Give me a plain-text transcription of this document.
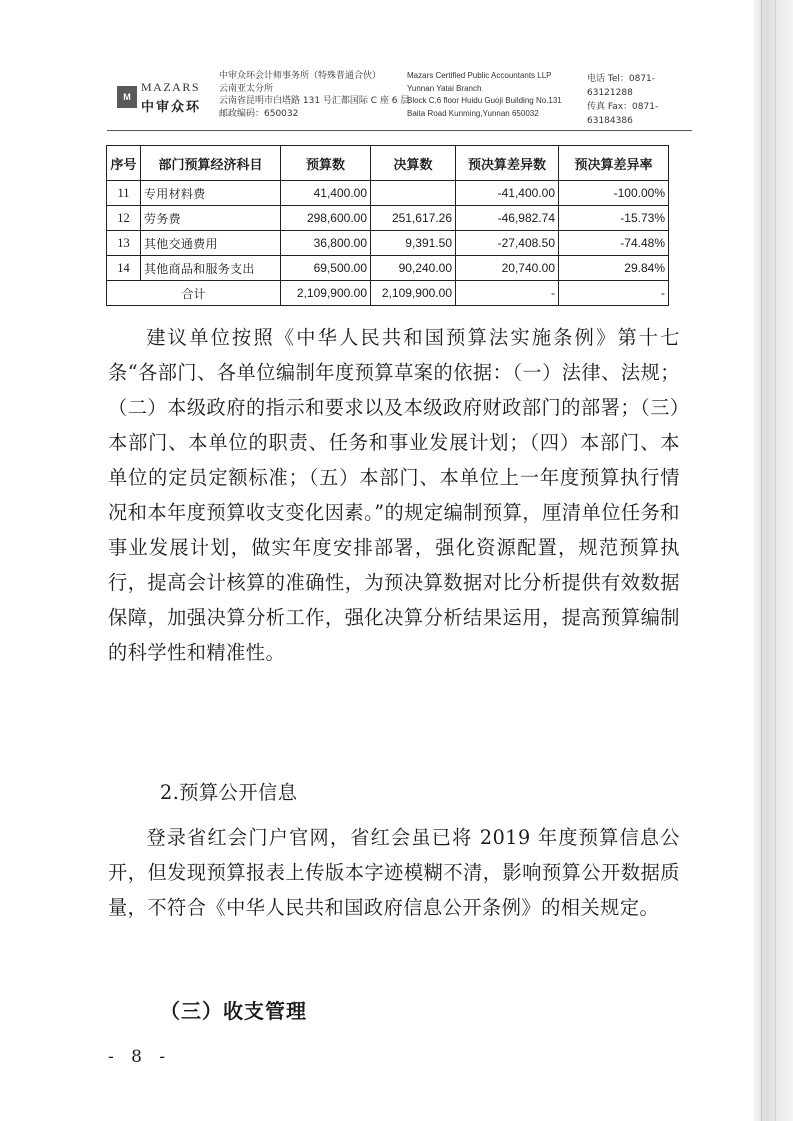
M
MAZARS
中审众环
中审众环会计师事务所（特殊普通合伙）
云南亚太分所
云南省昆明市白塔路 131 号汇都国际 C 座 6 层
邮政编码：650032
Mazars Certified Public Accountants LLP
Yunnan Yatai Branch
Block C,6 floor Huidu Guoji Building No.131
Baita Road Kunming,Yunnan 650032
电话 Tel：0871-63121288
传真 Fax：0871-63184386
序号	部门预算经济科目	预算数	决算数	预决算差异数	预决算差异率
11	专用材料费	41,400.00		-41,400.00	-100.00%
12	劳务费	298,600.00	251,617.26	-46,982.74	-15.73%
13	其他交通费用	36,800.00	9,391.50	-27,408.50	-74.48%
14	其他商品和服务支出	69,500.00	90,240.00	20,740.00	29.84%
合计		2,109,900.00	2,109,900.00	-	-
建议单位按照《中华人民共和国预算法实施条例》第十七条“各部门、各单位编制年度预算草案的依据：（一）法律、法规；（二）本级政府的指示和要求以及本级政府财政部门的部署；（三）本部门、本单位的职责、任务和事业发展计划；（四）本部门、本单位的定员定额标准；（五）本部门、本单位上一年度预算执行情况和本年度预算收支变化因素。”的规定编制预算，厘清单位任务和事业发展计划，做实年度安排部署，强化资源配置，规范预算执行，提高会计核算的准确性，为预决算数据对比分析提供有效数据保障，加强决算分析工作，强化决算分析结果运用，提高预算编制的科学性和精准性。
2.预算公开信息
登录省红会门户官网，省红会虽已将 2019 年度预算信息公开，但发现预算报表上传版本字迹模糊不清，影响预算公开数据质量，不符合《中华人民共和国政府信息公开条例》的相关规定。
（三）收支管理
- 8 -
